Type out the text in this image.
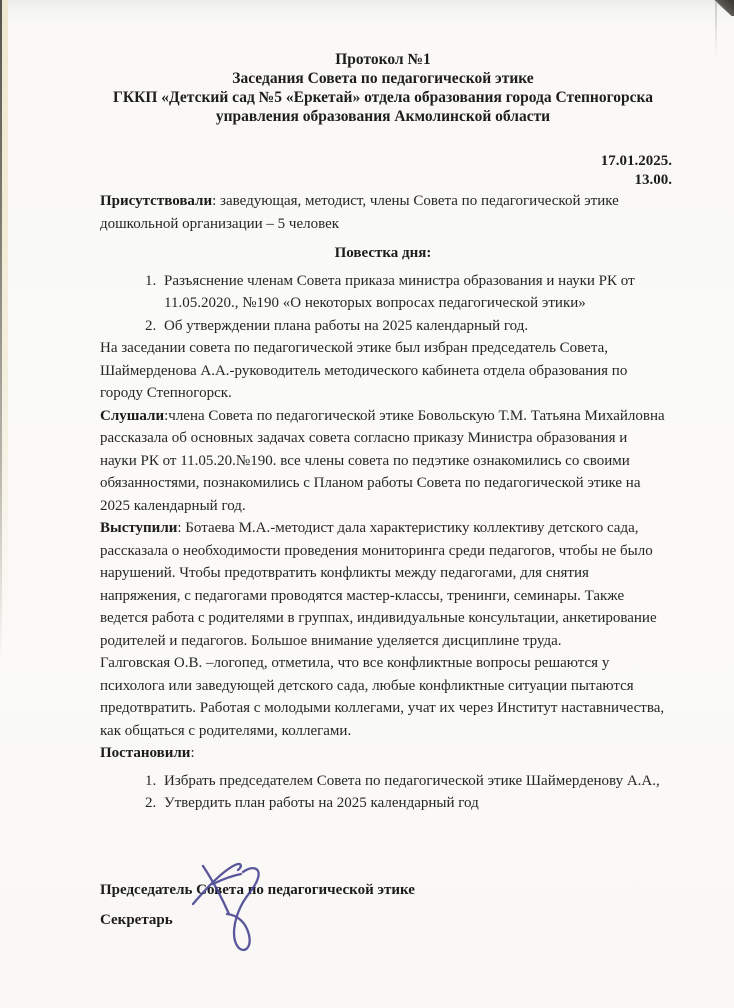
Протокол №1
Заседания Совета по педагогической этике
ГККП «Детский сад №5 «Еркетай» отдела образования города Степногорска
управления образования Акмолинской области
17.01.2025.
13.00.

Присутствовали: заведующая, методист, члены Совета по педагогической этике дошкольной организации – 5 человек

Повестка дня:
1. Разъяснение членам Совета приказа министра образования и науки РК от 11.05.2020., №190 «О некоторых вопросах педагогической этики»
2. Об утверждении плана работы на 2025 календарный год.

На заседании совета по педагогической этике был избран председатель Совета, Шаймерденова А.А.-руководитель методического кабинета отдела образования по городу Степногорск.

Слушали:члена Совета по педагогической этике Бовольскую Т.М. Татьяна Михайловна рассказала об основных задачах совета согласно приказу Министра образования и науки РК от 11.05.20.№190. все члены совета по педэтике ознакомились со своими обязанностями, познакомились с Планом работы Совета по педагогической этике на 2025 календарный год.

Выступили: Ботаева М.А.-методист дала характеристику коллективу детского сада, рассказала о необходимости проведения мониторинга среди педагогов, чтобы не было нарушений. Чтобы предотвратить конфликты между педагогами, для снятия напряжения, с педагогами проводятся мастер-классы, тренинги, семинары. Также ведется работа с родителями в группах, индивидуальные консультации, анкетирование родителей и педагогов. Большое внимание уделяется дисциплине труда.

Галговская О.В. –логопед, отметила, что все конфликтные вопросы решаются у психолога или заведующей детского сада, любые конфликтные ситуации пытаются предотвратить. Работая с молодыми коллегами, учат их через Институт наставничества, как общаться с родителями, коллегами.

Постановили:

1. Избрать председателем Совета по педагогической этике Шаймерденову А.А.,
2. Утвердить план работы на 2025 календарный год
Председатель Совета по педагогической этике
Секретарь
